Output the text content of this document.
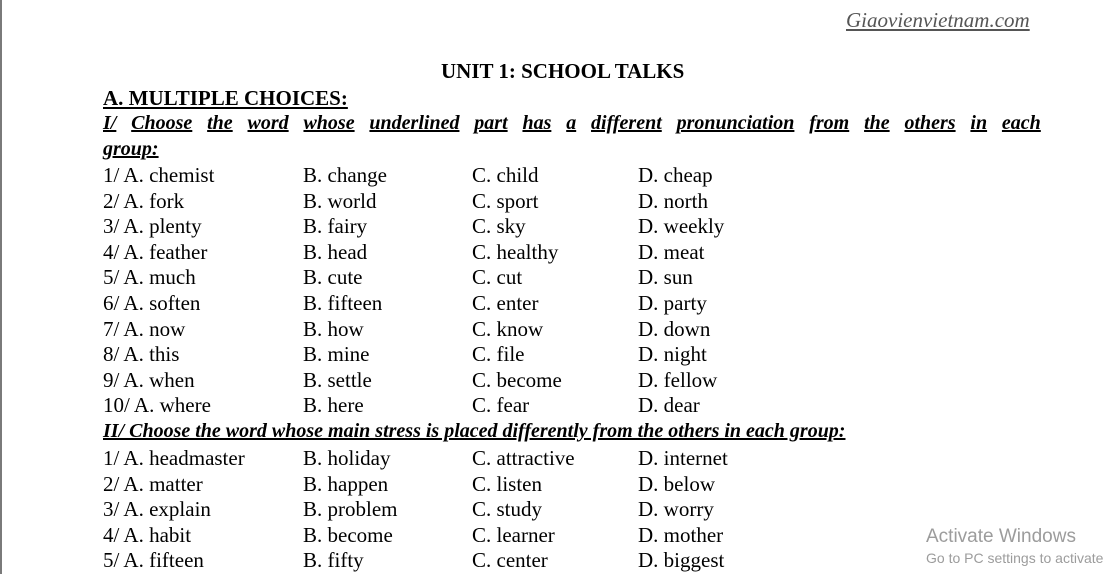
Giaovienvietnam.com
UNIT 1: SCHOOL TALKS
A. MULTIPLE CHOICES:
I/ Choose the word whose underlined part has a different pronunciation from the others in each
group:
1/ A. chemist	B. change	C. child	D. cheap
2/ A. fork	B. world	C. sport	D. north
3/ A. plenty	B. fairy	C. sky	D. weekly
4/ A. feather	B. head	C. healthy	D. meat
5/ A. much	B. cute	C. cut	D. sun
6/ A. soften	B. fifteen	C. enter	D. party
7/ A. now	B. how	C. know	D. down
8/ A. this	B. mine	C. file	D. night
9/ A. when	B. settle	C. become	D. fellow
10/ A. where	B. here	C. fear	D. dear
II/ Choose the word whose main stress is placed differently from the others in each group:
1/ A. headmaster	B. holiday	C. attractive	D. internet
2/ A. matter	B. happen	C. listen	D. below
3/ A. explain	B. problem	C. study	D. worry
4/ A. habit	B. become	C. learner	D. mother
5/ A. fifteen	B. fifty	C. center	D. biggest
Activate Windows
Go to PC settings to activate
